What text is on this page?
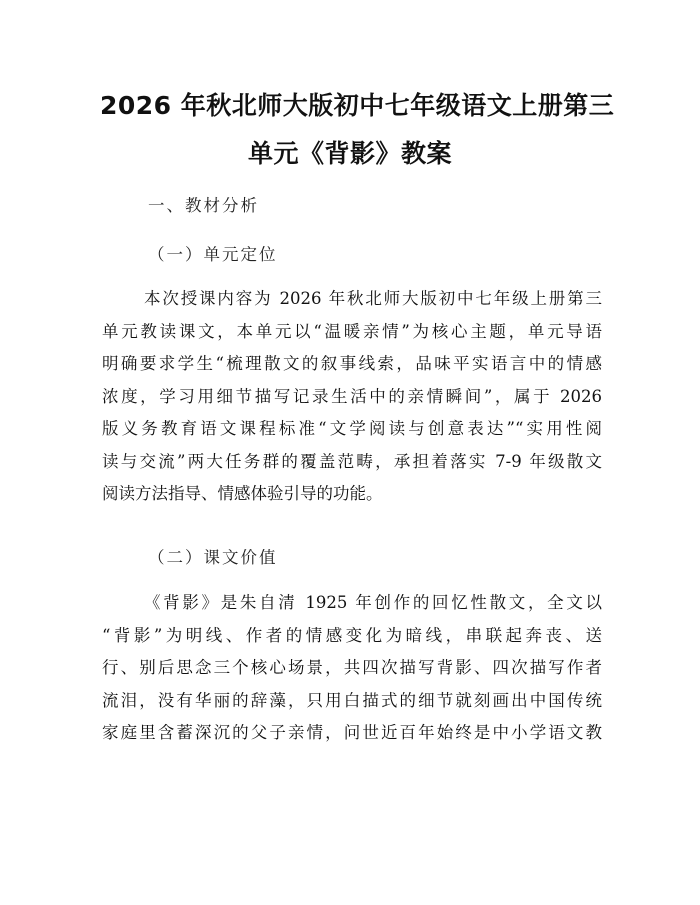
2026 年秋北师大版初中七年级语文上册第三
单元《背影》教案
一、教材分析
（一）单元定位
本次授课内容为 2026 年秋北师大版初中七年级上册第三
单元教读课文，本单元以“温暖亲情”为核心主题，单元导语
明确要求学生“梳理散文的叙事线索，品味平实语言中的情感
浓度，学习用细节描写记录生活中的亲情瞬间”，属于 2026
版义务教育语文课程标准“文学阅读与创意表达”“实用性阅
读与交流”两大任务群的覆盖范畴，承担着落实 7-9 年级散文
阅读方法指导、情感体验引导的功能。
（二）课文价值
《背影》是朱自清 1925 年创作的回忆性散文，全文以
“背影”为明线、作者的情感变化为暗线，串联起奔丧、送
行、别后思念三个核心场景，共四次描写背影、四次描写作者
流泪，没有华丽的辞藻，只用白描式的细节就刻画出中国传统
家庭里含蓄深沉的父子亲情，问世近百年始终是中小学语文教
